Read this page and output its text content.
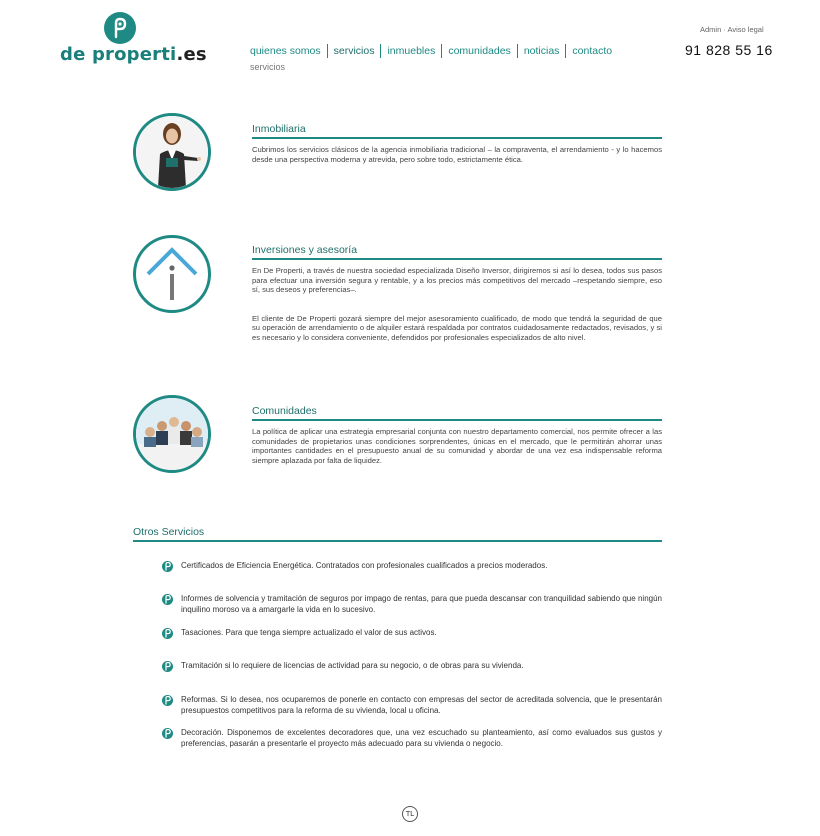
de properti.es	quienes somos	servicios	inmuebles	comunidades	noticias	contacto
servicios
Admin · Aviso legal
91 828 55 16
Inmobiliaria

Cubrimos los servicios clásicos de la agencia inmobiliaria tradicional – la compraventa, el arrendamiento - y lo hacemos desde una perspectiva moderna y atrevida, pero sobre todo, estrictamente ética.

Inversiones y asesoría

En De Properti, a través de nuestra sociedad especializada Diseño Inversor, dirigiremos si así lo desea, todos sus pasos para efectuar una inversión segura y rentable, y a los precios más competitivos del mercado –respetando siempre, eso sí, sus deseos y preferencias–.

El cliente de De Properti gozará siempre del mejor asesoramiento cualificado, de modo que tendrá la seguridad de que su operación de arrendamiento o de alquiler estará respaldada por contratos cuidadosamente redactados, revisados, y si es necesario y lo considera conveniente, defendidos por profesionales especializados de alto nivel.

Comunidades

La política de aplicar una estrategia empresarial conjunta con nuestro departamento comercial, nos permite ofrecer a las comunidades de propietarios unas condiciones sorprendentes, únicas en el mercado, que le permitirán ahorrar unas importantes cantidades en el presupuesto anual de su comunidad y abordar de una vez esa indispensable reforma siempre aplazada por falta de liquidez.

Otros Servicios
Certificados de Eficiencia Energética. Contratados con profesionales cualificados a precios moderados.
Informes de solvencia y tramitación de seguros por impago de rentas, para que pueda descansar con tranquilidad sabiendo que ningún inquilino moroso va a amargarle la vida en lo sucesivo.
Tasaciones. Para que tenga siempre actualizado el valor de sus activos.
Tramitación si lo requiere de licencias de actividad para su negocio, o de obras para su vivienda.
Reformas. Si lo desea, nos ocuparemos de ponerle en contacto con empresas del sector de acreditada solvencia, que le presentarán presupuestos competitivos para la reforma de su vivienda, local u oficina.
Decoración. Disponemos de excelentes decoradores que, una vez escuchado su planteamiento, así como evaluados sus gustos y preferencias, pasarán a presentarle el proyecto más adecuado para su vivienda o negocio.
TL
